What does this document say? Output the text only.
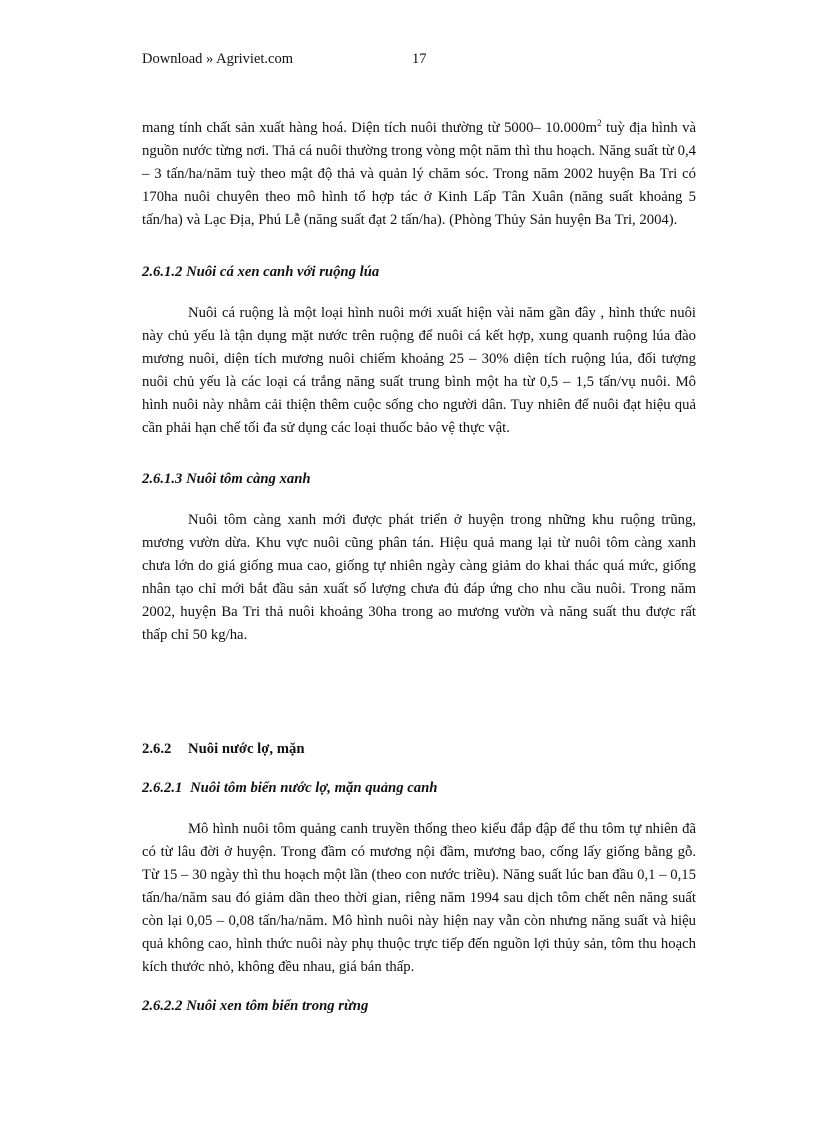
Download » Agriviet.com	17

mang tính chất sản xuất hàng hoá. Diện tích nuôi thường từ 5000– $10.000m^2$ tuỳ địa hình và nguồn nước từng nơi. Thả cá nuôi thường trong vòng một năm thì thu hoạch. Năng suất từ 0,4 – 3 tấn/ha/năm tuỳ theo mật độ thả và quản lý chăm sóc. Trong năm 2002 huyện Ba Tri có 170ha nuôi chuyên theo mô hình tổ hợp tác ở Kinh Lấp Tân Xuân (năng suất khoảng 5 tấn/ha) và Lạc Địa, Phú Lễ (năng suất đạt 2 tấn/ha). (Phòng Thủy Sản huyện Ba Tri, 2004).

2.6.1.2 Nuôi cá xen canh với ruộng lúa

Nuôi cá ruộng là một loại hình nuôi mới xuất hiện vài năm gần đây , hình thức nuôi này chủ yếu là tận dụng mặt nước trên ruộng để nuôi cá kết hợp, xung quanh ruộng lúa đào mương nuôi, diện tích mương nuôi chiếm khoảng 25 – 30% diện tích ruộng lúa, đối tượng nuôi chủ yếu là các loại cá trắng năng suất trung bình một ha từ 0,5 – 1,5 tấn/vụ nuôi. Mô hình nuôi này nhằm cải thiện thêm cuộc sống cho người dân. Tuy nhiên để nuôi đạt hiệu quả cần phải hạn chế tối đa sử dụng các loại thuốc bảo vệ thực vật.

2.6.1.3 Nuôi tôm càng xanh

Nuôi tôm càng xanh mới được phát triển ở huyện trong những khu ruộng trũng, mương vườn dừa. Khu vực nuôi cũng phân tán. Hiệu quả mang lại từ nuôi tôm càng xanh chưa lớn do giá giống mua cao, giống tự nhiên ngày càng giảm do khai thác quá mức, giống nhân tạo chỉ mới bắt đầu sản xuất số lượng chưa đủ đáp ứng cho nhu cầu nuôi. Trong năm 2002, huyện Ba Tri thả nuôi khoảng 30ha trong ao mương vườn và năng suất thu được rất thấp chỉ 50 kg/ha.

2.6.2 Nuôi nước lợ, mặn
2.6.2.1 Nuôi tôm biển nước lợ, mặn quảng canh

Mô hình nuôi tôm quảng canh truyền thống theo kiểu đắp đập để thu tôm tự nhiên đã có từ lâu đời ở huyện. Trong đầm có mương nội đầm, mương bao, cống lấy giống bằng gỗ. Từ 15 – 30 ngày thì thu hoạch một lần (theo con nước triều). Năng suất lúc ban đầu 0,1 – 0,15 tấn/ha/năm sau đó giảm dần theo thời gian, riêng năm 1994 sau dịch tôm chết nên năng suất còn lại 0,05 – 0,08 tấn/ha/năm. Mô hình nuôi này hiện nay vẫn còn nhưng năng suất và hiệu quả không cao, hình thức nuôi này phụ thuộc trực tiếp đến nguồn lợi thủy sản, tôm thu hoạch kích thước nhỏ, không đều nhau, giá bán thấp.

2.6.2.2 Nuôi xen tôm biển trong rừng
